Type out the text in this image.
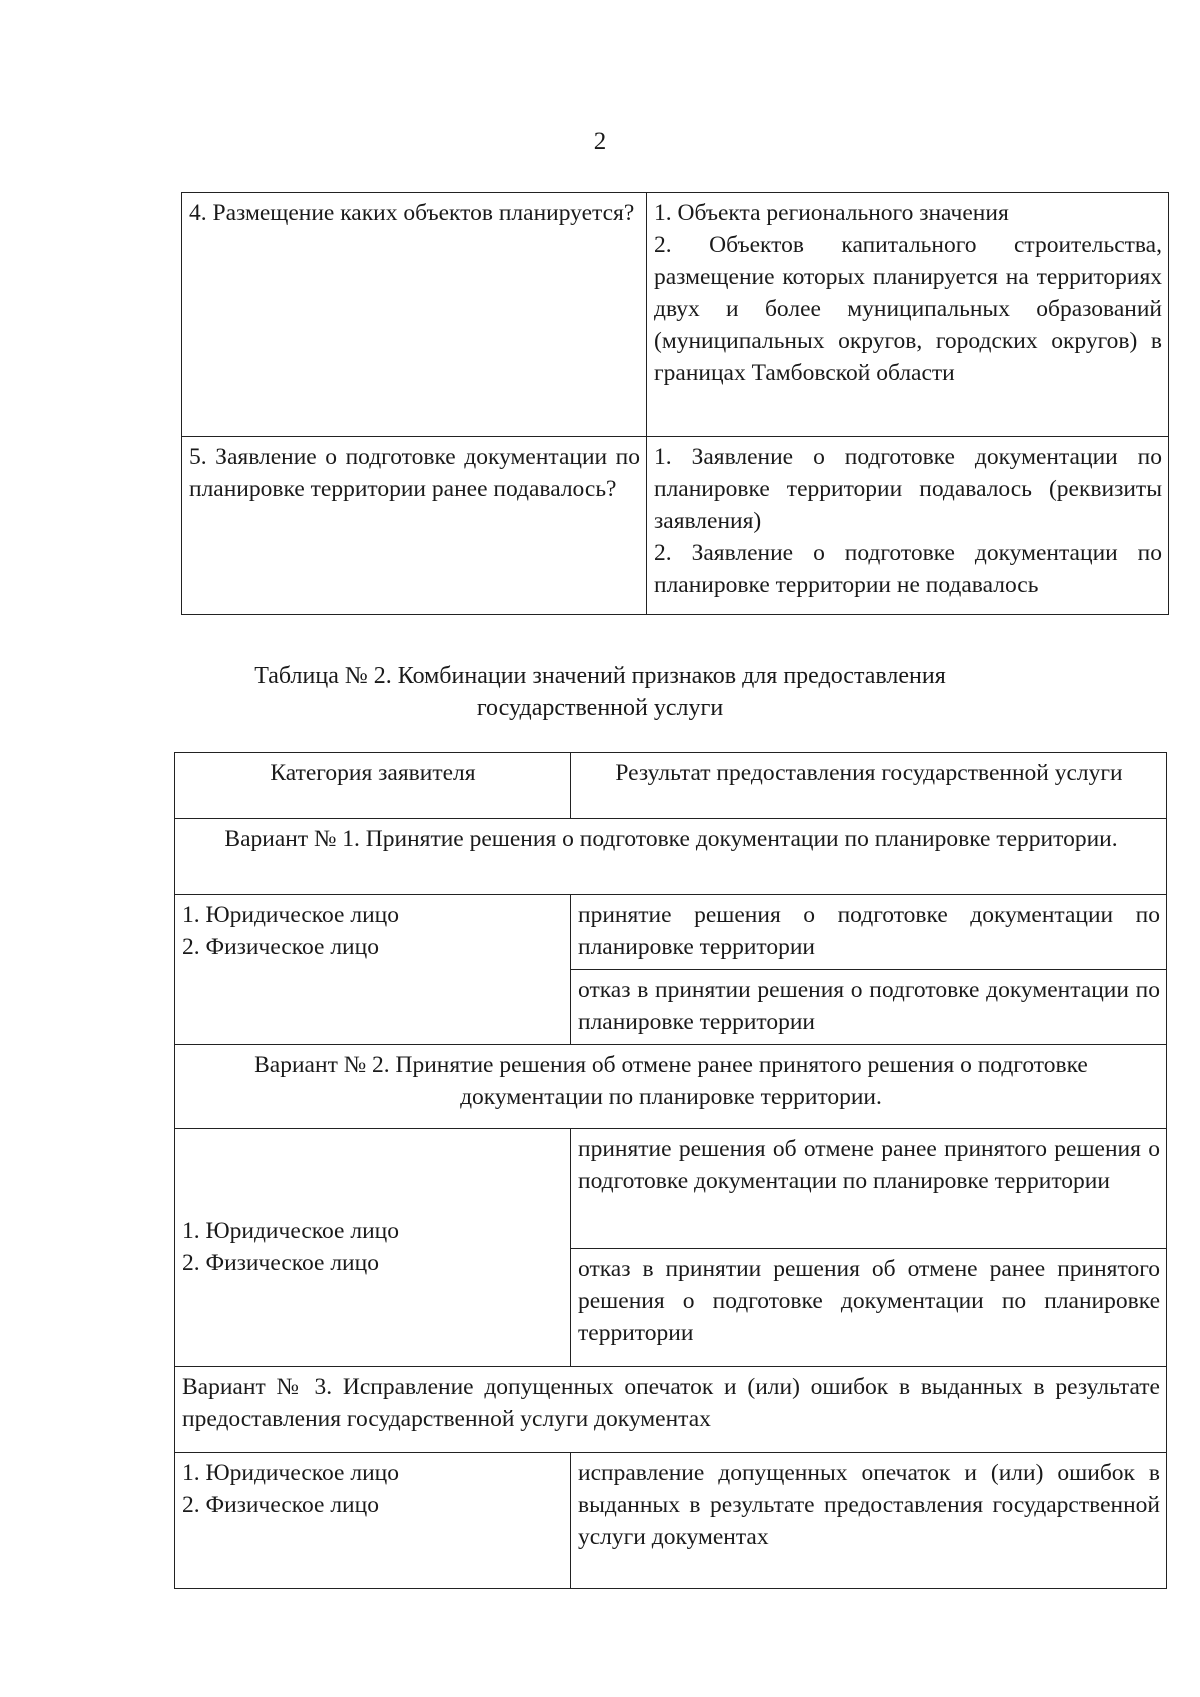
2
4. Размещение каких объектов планируется?	1. Объекта регионального значения
2. Объектов капитального строительства, размещение которых планируется на территориях двух и более муниципальных образований (муниципальных округов, городских округов) в границах Тамбовской области

5. Заявление о подготовке документации по планировке территории ранее подавалось?	1. Заявление о подготовке документации по планировке территории подавалось (реквизиты заявления)
2. Заявление о подготовке документации по планировке территории не подавалось
Таблица № 2. Комбинации значений признаков для предоставления государственной услуги
Категория заявителя	Результат предоставления государственной услуги
Вариант № 1. Принятие решения о подготовке документации по планировке территории.	

1. Юридическое лицо
2. Физическое лицо	принятие решения о подготовке документации по планировке территории
	отказ в принятии решения о подготовке документации по планировке территории
Вариант № 2. Принятие решения об отмене ранее принятого решения о подготовке документации по планировке территории.	

1. Юридическое лицо
2. Физическое лицо	принятие решения об отмене ранее принятого решения о подготовке документации по планировке территории
	отказ в принятии решения об отмене ранее принятого решения о подготовке документации по планировке территории
Вариант № 3. Исправление допущенных опечаток и (или) ошибок в выданных в результате предоставления государственной услуги документах	

1. Юридическое лицо
2. Физическое лицо	исправление допущенных опечаток и (или) ошибок в выданных в результате предоставления государственной услуги документах
